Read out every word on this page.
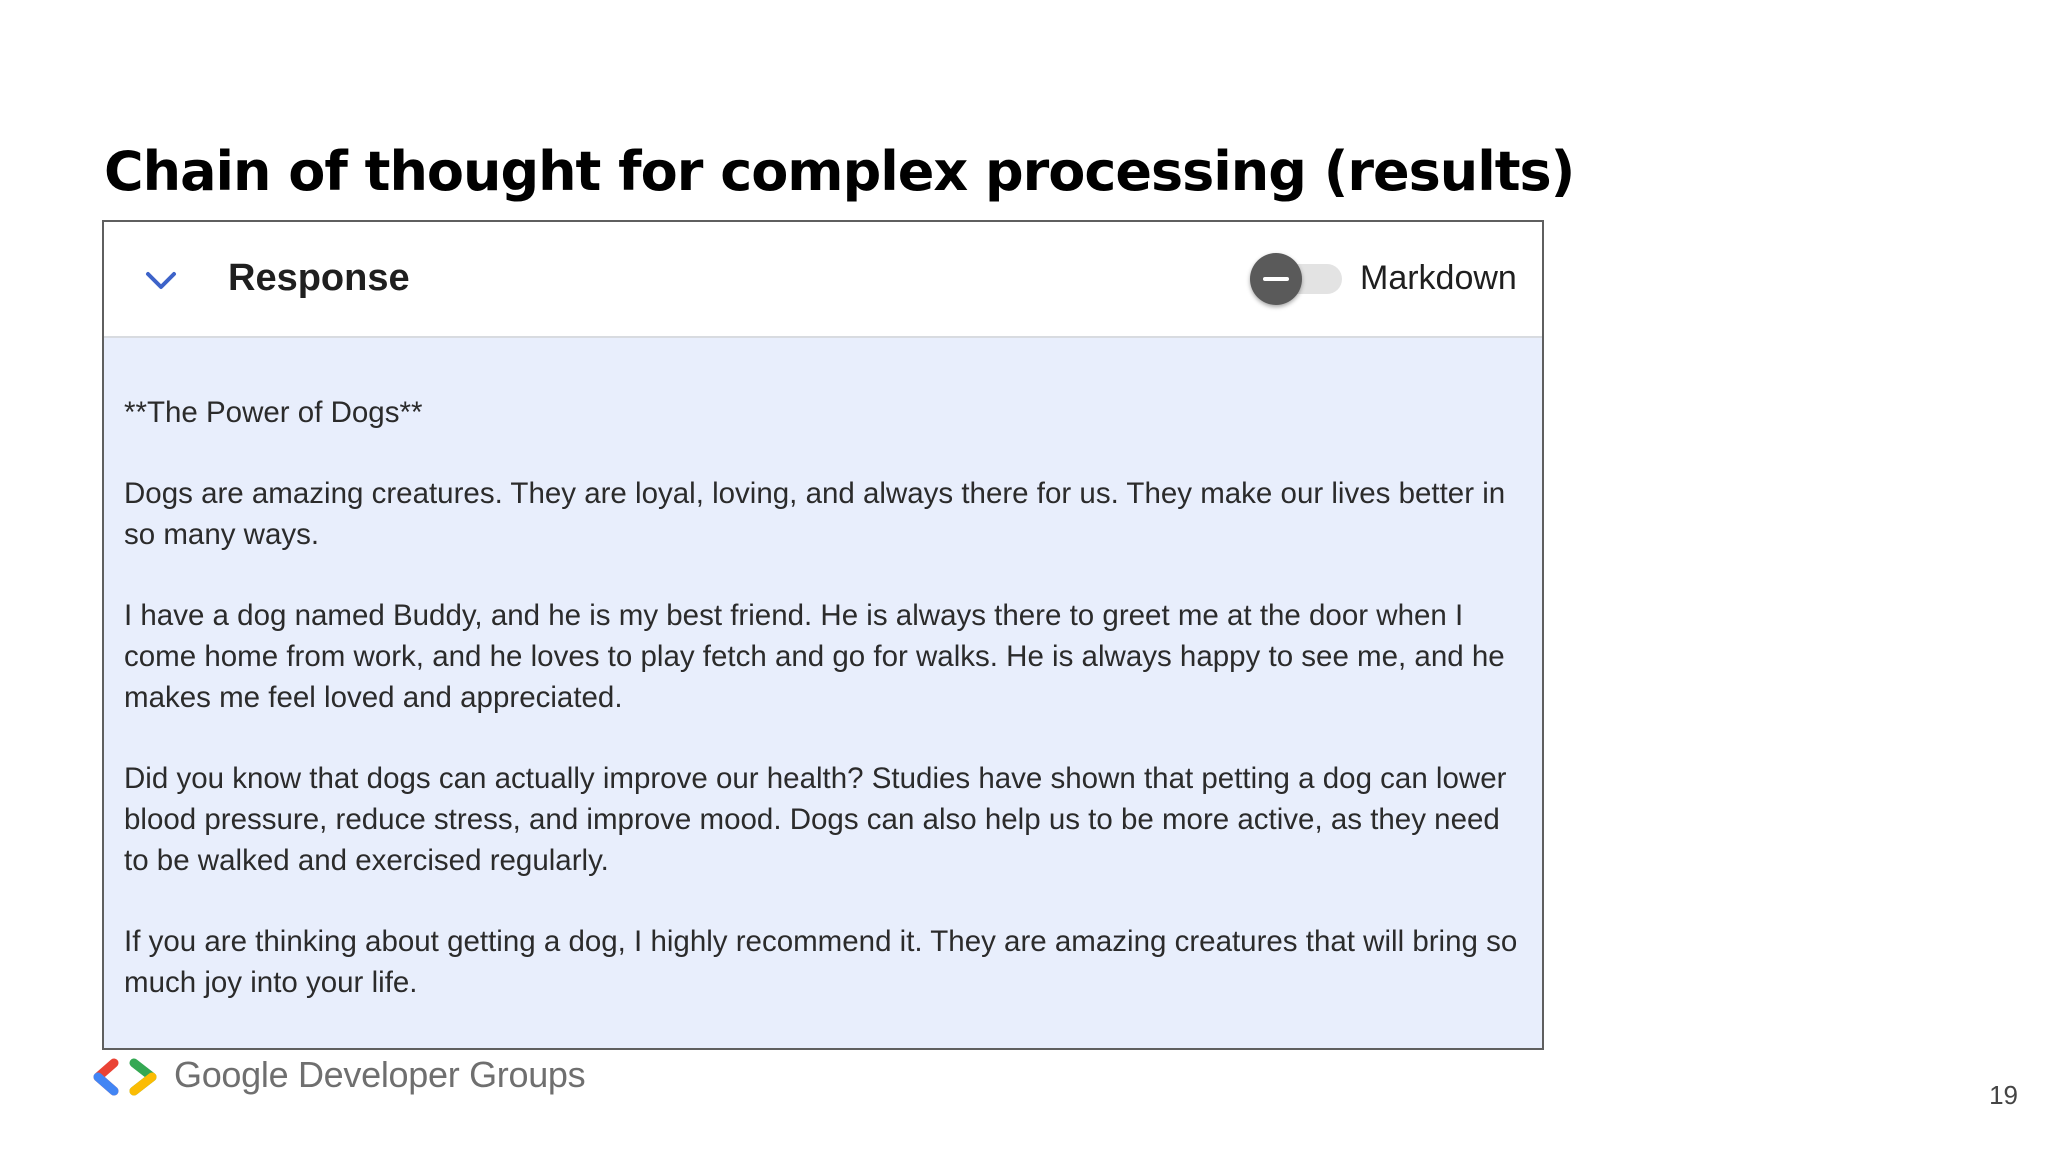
Chain of thought for complex processing (results)
Response	Markdown

**The Power of Dogs**

Dogs are amazing creatures. They are loyal, loving, and always there for us. They make our lives better in so many ways.

I have a dog named Buddy, and he is my best friend. He is always there to greet me at the door when I come home from work, and he loves to play fetch and go for walks. He is always happy to see me, and he makes me feel loved and appreciated.

Did you know that dogs can actually improve our health? Studies have shown that petting a dog can lower blood pressure, reduce stress, and improve mood. Dogs can also help us to be more active, as they need to be walked and exercised regularly.

If you are thinking about getting a dog, I highly recommend it. They are amazing creatures that will bring so much joy into your life.

Google Developer Groups	19
